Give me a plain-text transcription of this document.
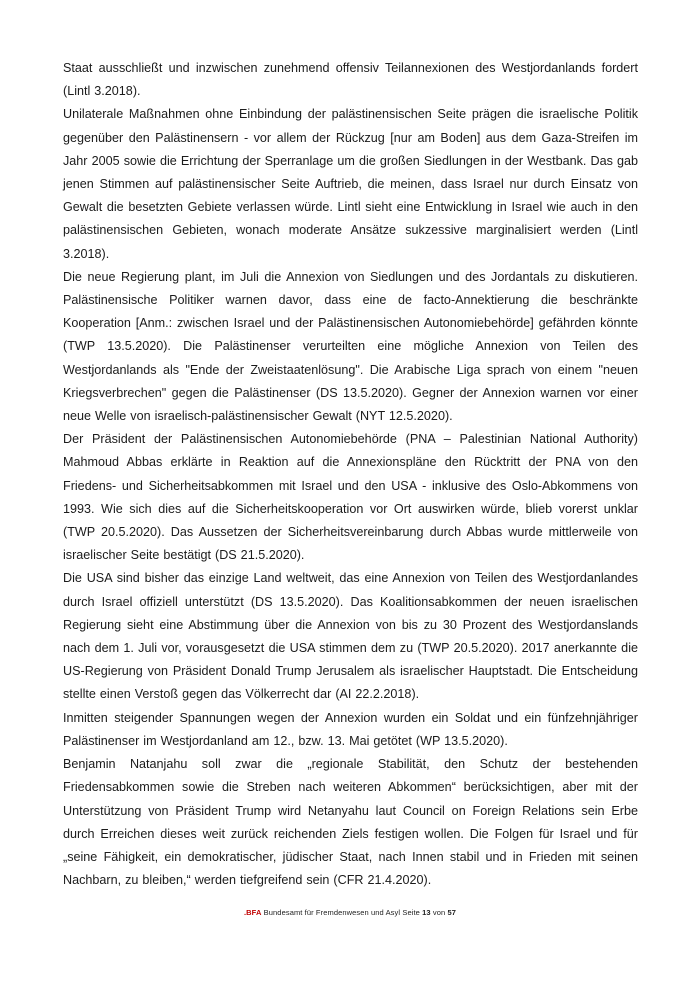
Staat ausschließt und inzwischen zunehmend offensiv Teilannexionen des Westjordanlands fordert (Lintl 3.2018).

Unilaterale Maßnahmen ohne Einbindung der palästinensischen Seite prägen die israelische Politik gegenüber den Palästinensern - vor allem der Rückzug [nur am Boden] aus dem Gaza-Streifen im Jahr 2005 sowie die Errichtung der Sperranlage um die großen Siedlungen in der Westbank. Das gab jenen Stimmen auf palästinensischer Seite Auftrieb, die meinen, dass Israel nur durch Einsatz von Gewalt die besetzten Gebiete verlassen würde. Lintl sieht eine Entwicklung in Israel wie auch in den palästinensischen Gebieten, wonach moderate Ansätze sukzessive marginalisiert werden (Lintl 3.2018).

Die neue Regierung plant, im Juli die Annexion von Siedlungen und des Jordantals zu diskutieren. Palästinensische Politiker warnen davor, dass eine de facto-Annektierung die beschränkte Kooperation [Anm.: zwischen Israel und der Palästinensischen Autonomiebehörde] gefährden könnte (TWP 13.5.2020). Die Palästinenser verurteilten eine mögliche Annexion von Teilen des Westjordanlands als "Ende der Zweistaatenlösung". Die Arabische Liga sprach von einem "neuen Kriegsverbrechen" gegen die Palästinenser (DS 13.5.2020). Gegner der Annexion warnen vor einer neue Welle von israelisch-palästinensischer Gewalt (NYT 12.5.2020).

Der Präsident der Palästinensischen Autonomiebehörde (PNA – Palestinian National Authority) Mahmoud Abbas erklärte in Reaktion auf die Annexionspläne den Rücktritt der PNA von den Friedens- und Sicherheitsabkommen mit Israel und den USA - inklusive des Oslo-Abkommens von 1993. Wie sich dies auf die Sicherheitskooperation vor Ort auswirken würde, blieb vorerst unklar (TWP 20.5.2020). Das Aussetzen der Sicherheitsvereinbarung durch Abbas wurde mittlerweile von israelischer Seite bestätigt (DS 21.5.2020).

Die USA sind bisher das einzige Land weltweit, das eine Annexion von Teilen des Westjordanlandes durch Israel offiziell unterstützt (DS 13.5.2020). Das Koalitionsabkommen der neuen israelischen Regierung sieht eine Abstimmung über die Annexion von bis zu 30 Prozent des Westjordanslands nach dem 1. Juli vor, vorausgesetzt die USA stimmen dem zu (TWP 20.5.2020). 2017 anerkannte die US-Regierung von Präsident Donald Trump Jerusalem als israelischer Hauptstadt. Die Entscheidung stellte einen Verstoß gegen das Völkerrecht dar (AI 22.2.2018).

Inmitten steigender Spannungen wegen der Annexion wurden ein Soldat und ein fünfzehnjähriger Palästinenser im Westjordanland am 12., bzw. 13. Mai getötet (WP 13.5.2020).

Benjamin Natanjahu soll zwar die „regionale Stabilität, den Schutz der bestehenden Friedensabkommen sowie die Streben nach weiteren Abkommen“ berücksichtigen, aber mit der Unterstützung von Präsident Trump wird Netanyahu laut Council on Foreign Relations sein Erbe durch Erreichen dieses weit zurück reichenden Ziels festigen wollen. Die Folgen für Israel und für „seine Fähigkeit, ein demokratischer, jüdischer Staat, nach Innen stabil und in Frieden mit seinen Nachbarn, zu bleiben,“ werden tiefgreifend sein (CFR 21.4.2020).

.BFA Bundesamt für Fremdenwesen und Asyl Seite 13 von 57
